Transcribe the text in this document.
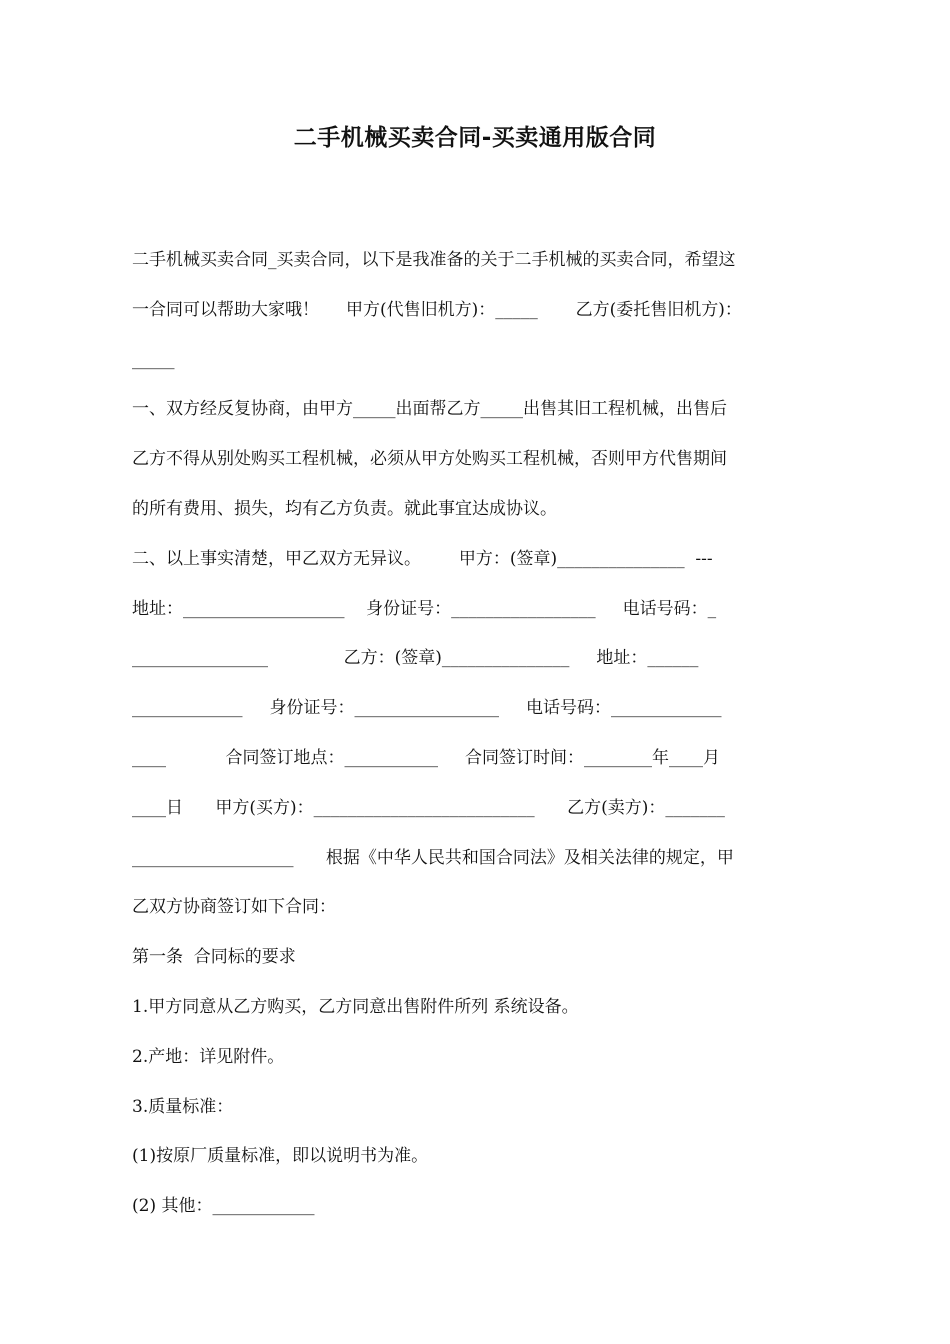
二手机械买卖合同-买卖通用版合同
二手机械买卖合同_买卖合同，以下是我准备的关于二手机械的买卖合同，希望这
一合同可以帮助大家哦！     甲方(代售旧机方)：_____       乙方(委托售旧机方)：
_____
一、双方经反复协商，由甲方_____出面帮乙方_____出售其旧工程机械，出售后
乙方不得从别处购买工程机械，必须从甲方处购买工程机械，否则甲方代售期间
的所有费用、损失，均有乙方负责。就此事宜达成协议。
二、以上事实清楚，甲乙双方无异议。       甲方：(签章)_______________  ---
地址：___________________    身份证号：_________________     电话号码：_
________________              乙方：(签章)_______________     地址：______
_____________     身份证号：_________________     电话号码：_____________
____           合同签订地点：___________     合同签订时间：________年____月
____日      甲方(买方)：__________________________      乙方(卖方)：_______
___________________      根据《中华人民共和国合同法》及相关法律的规定，甲
乙双方协商签订如下合同：
第一条  合同标的要求
1.甲方同意从乙方购买，乙方同意出售附件所列 系统设备。
2.产地：详见附件。
3.质量标准：
(1)按原厂质量标准，即以说明书为准。
(2) 其他：____________
